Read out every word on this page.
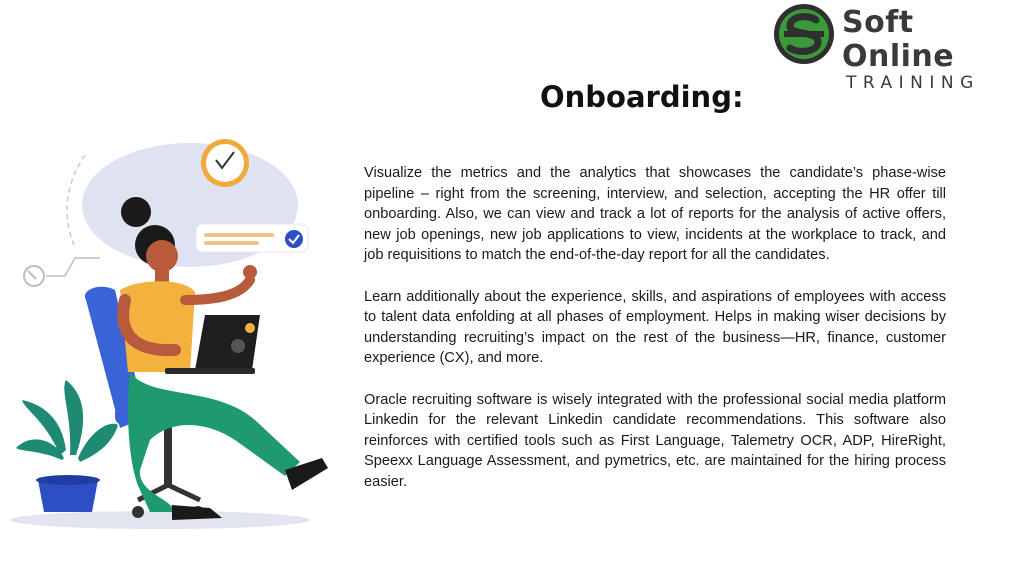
Soft Online
TRAINING
Onboarding:

Visualize the metrics and the analytics that showcases the candidate’s phase-wise pipeline – right from the screening, interview, and selection, accepting the HR offer till onboarding. Also, we can view and track a lot of reports for the analysis of active offers, new job openings, new job applications to view, incidents at the workplace to track, and job requisitions to match the end-of-the-day report for all the candidates.

Learn additionally about the experience, skills, and aspirations of employees with access to talent data enfolding at all phases of employment. Helps in making wiser decisions by understanding recruiting’s impact on the rest of the business—HR, finance, customer experience (CX), and more.

Oracle recruiting software is wisely integrated with the professional social media platform Linkedin for the relevant Linkedin candidate recommendations. This software also reinforces with certified tools such as First Language, Talemetry OCR, ADP, HireRight, Speexx Language Assessment, and pymetrics, etc. are maintained for the hiring process easier.
